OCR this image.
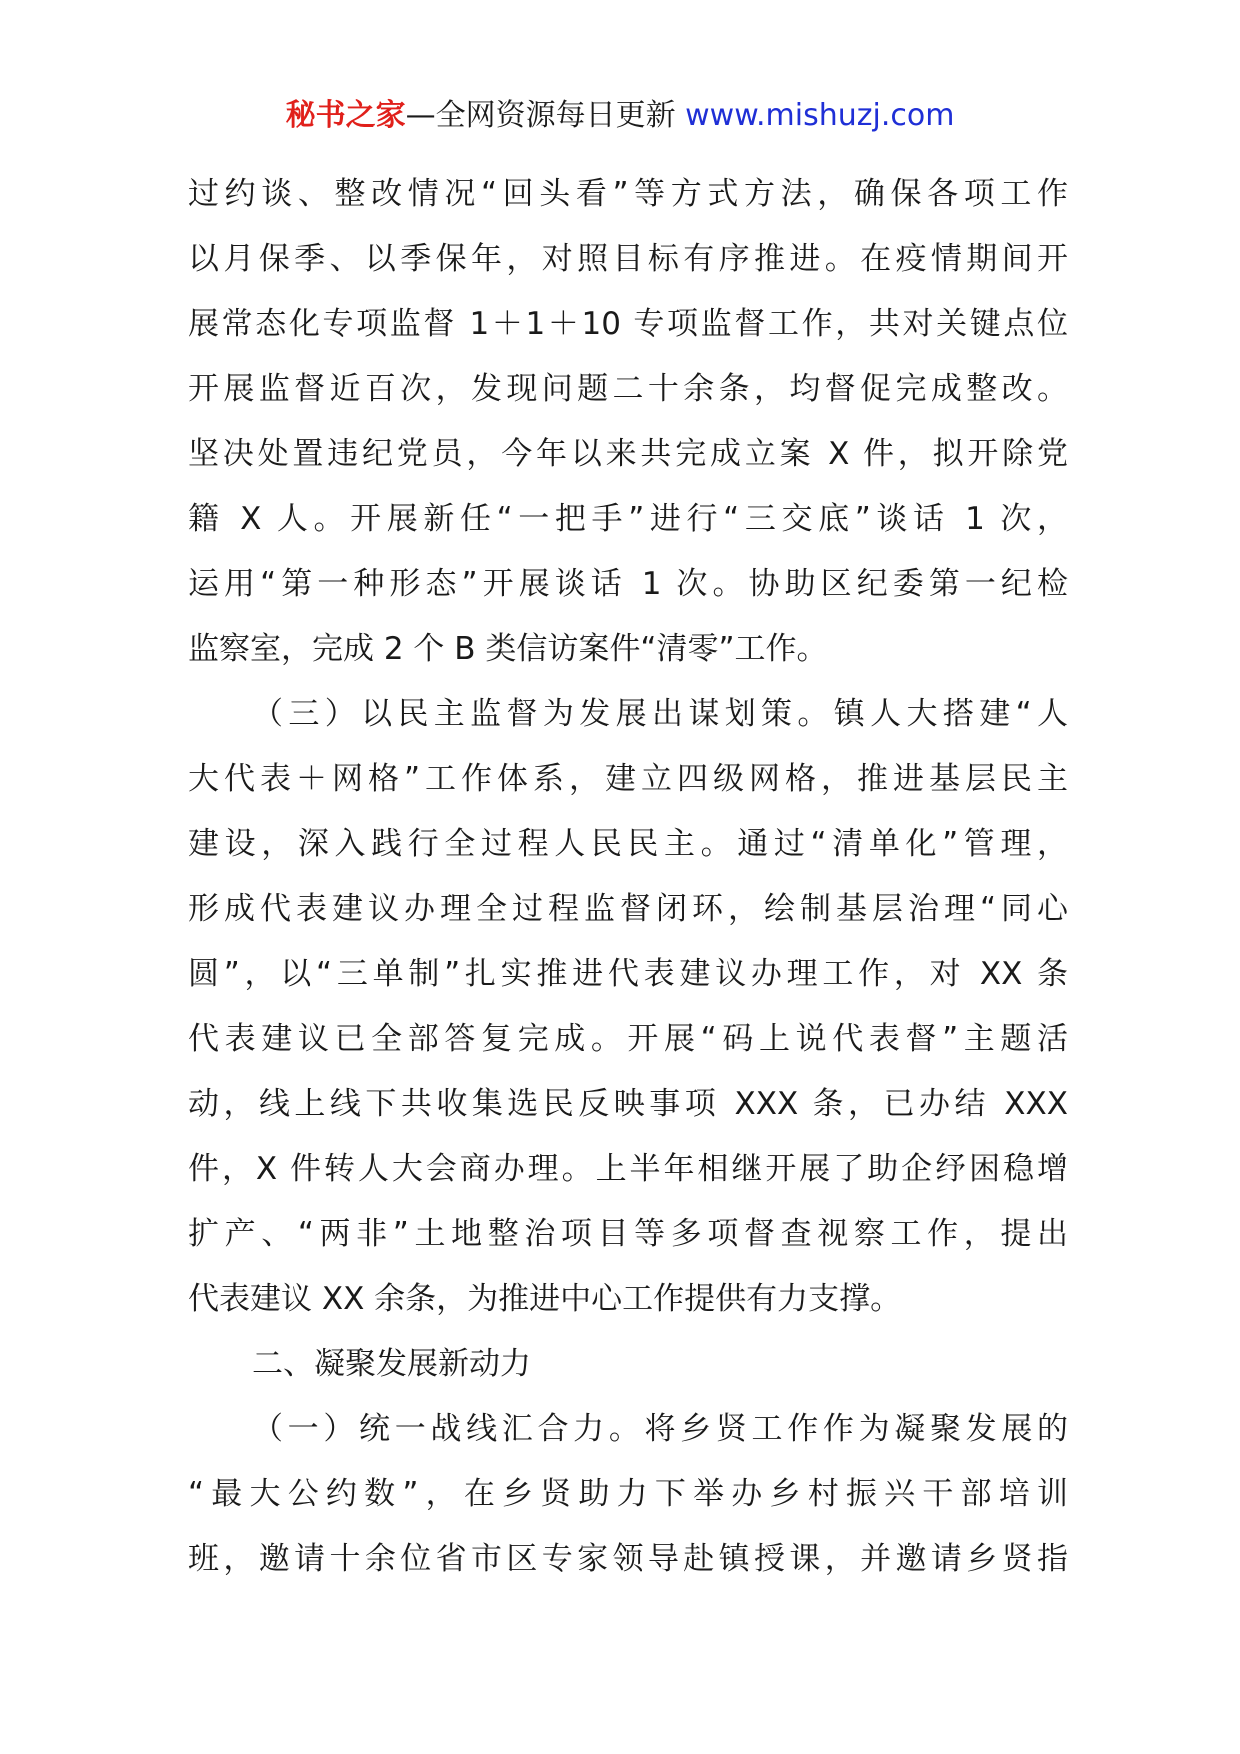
秘书之家—全网资源每日更新 www.mishuzj.com
过约谈、整改情况“回头看”等方式方法，确保各项工作
以月保季、以季保年，对照目标有序推进。在疫情期间开
展常态化专项监督 1＋1＋10 专项监督工作，共对关键点位
开展监督近百次，发现问题二十余条，均督促完成整改。
坚决处置违纪党员，今年以来共完成立案 X 件，拟开除党
籍 X 人。开展新任“一把手”进行“三交底”谈话 1 次，
运用“第一种形态”开展谈话 1 次。协助区纪委第一纪检
监察室，完成 2 个 B 类信访案件“清零”工作。
（三）以民主监督为发展出谋划策。镇人大搭建“人
大代表＋网格”工作体系，建立四级网格，推进基层民主
建设，深入践行全过程人民民主。通过“清单化”管理，
形成代表建议办理全过程监督闭环，绘制基层治理“同心
圆”，以“三单制”扎实推进代表建议办理工作，对 XX 条
代表建议已全部答复完成。开展“码上说代表督”主题活
动，线上线下共收集选民反映事项 XXX 条，已办结 XXX
件，X 件转人大会商办理。上半年相继开展了助企纾困稳增
扩产、“两非”土地整治项目等多项督查视察工作，提出
代表建议 XX 余条，为推进中心工作提供有力支撑。
二、凝聚发展新动力
（一）统一战线汇合力。将乡贤工作作为凝聚发展的
“最大公约数”，在乡贤助力下举办乡村振兴干部培训
班，邀请十余位省市区专家领导赴镇授课，并邀请乡贤指
